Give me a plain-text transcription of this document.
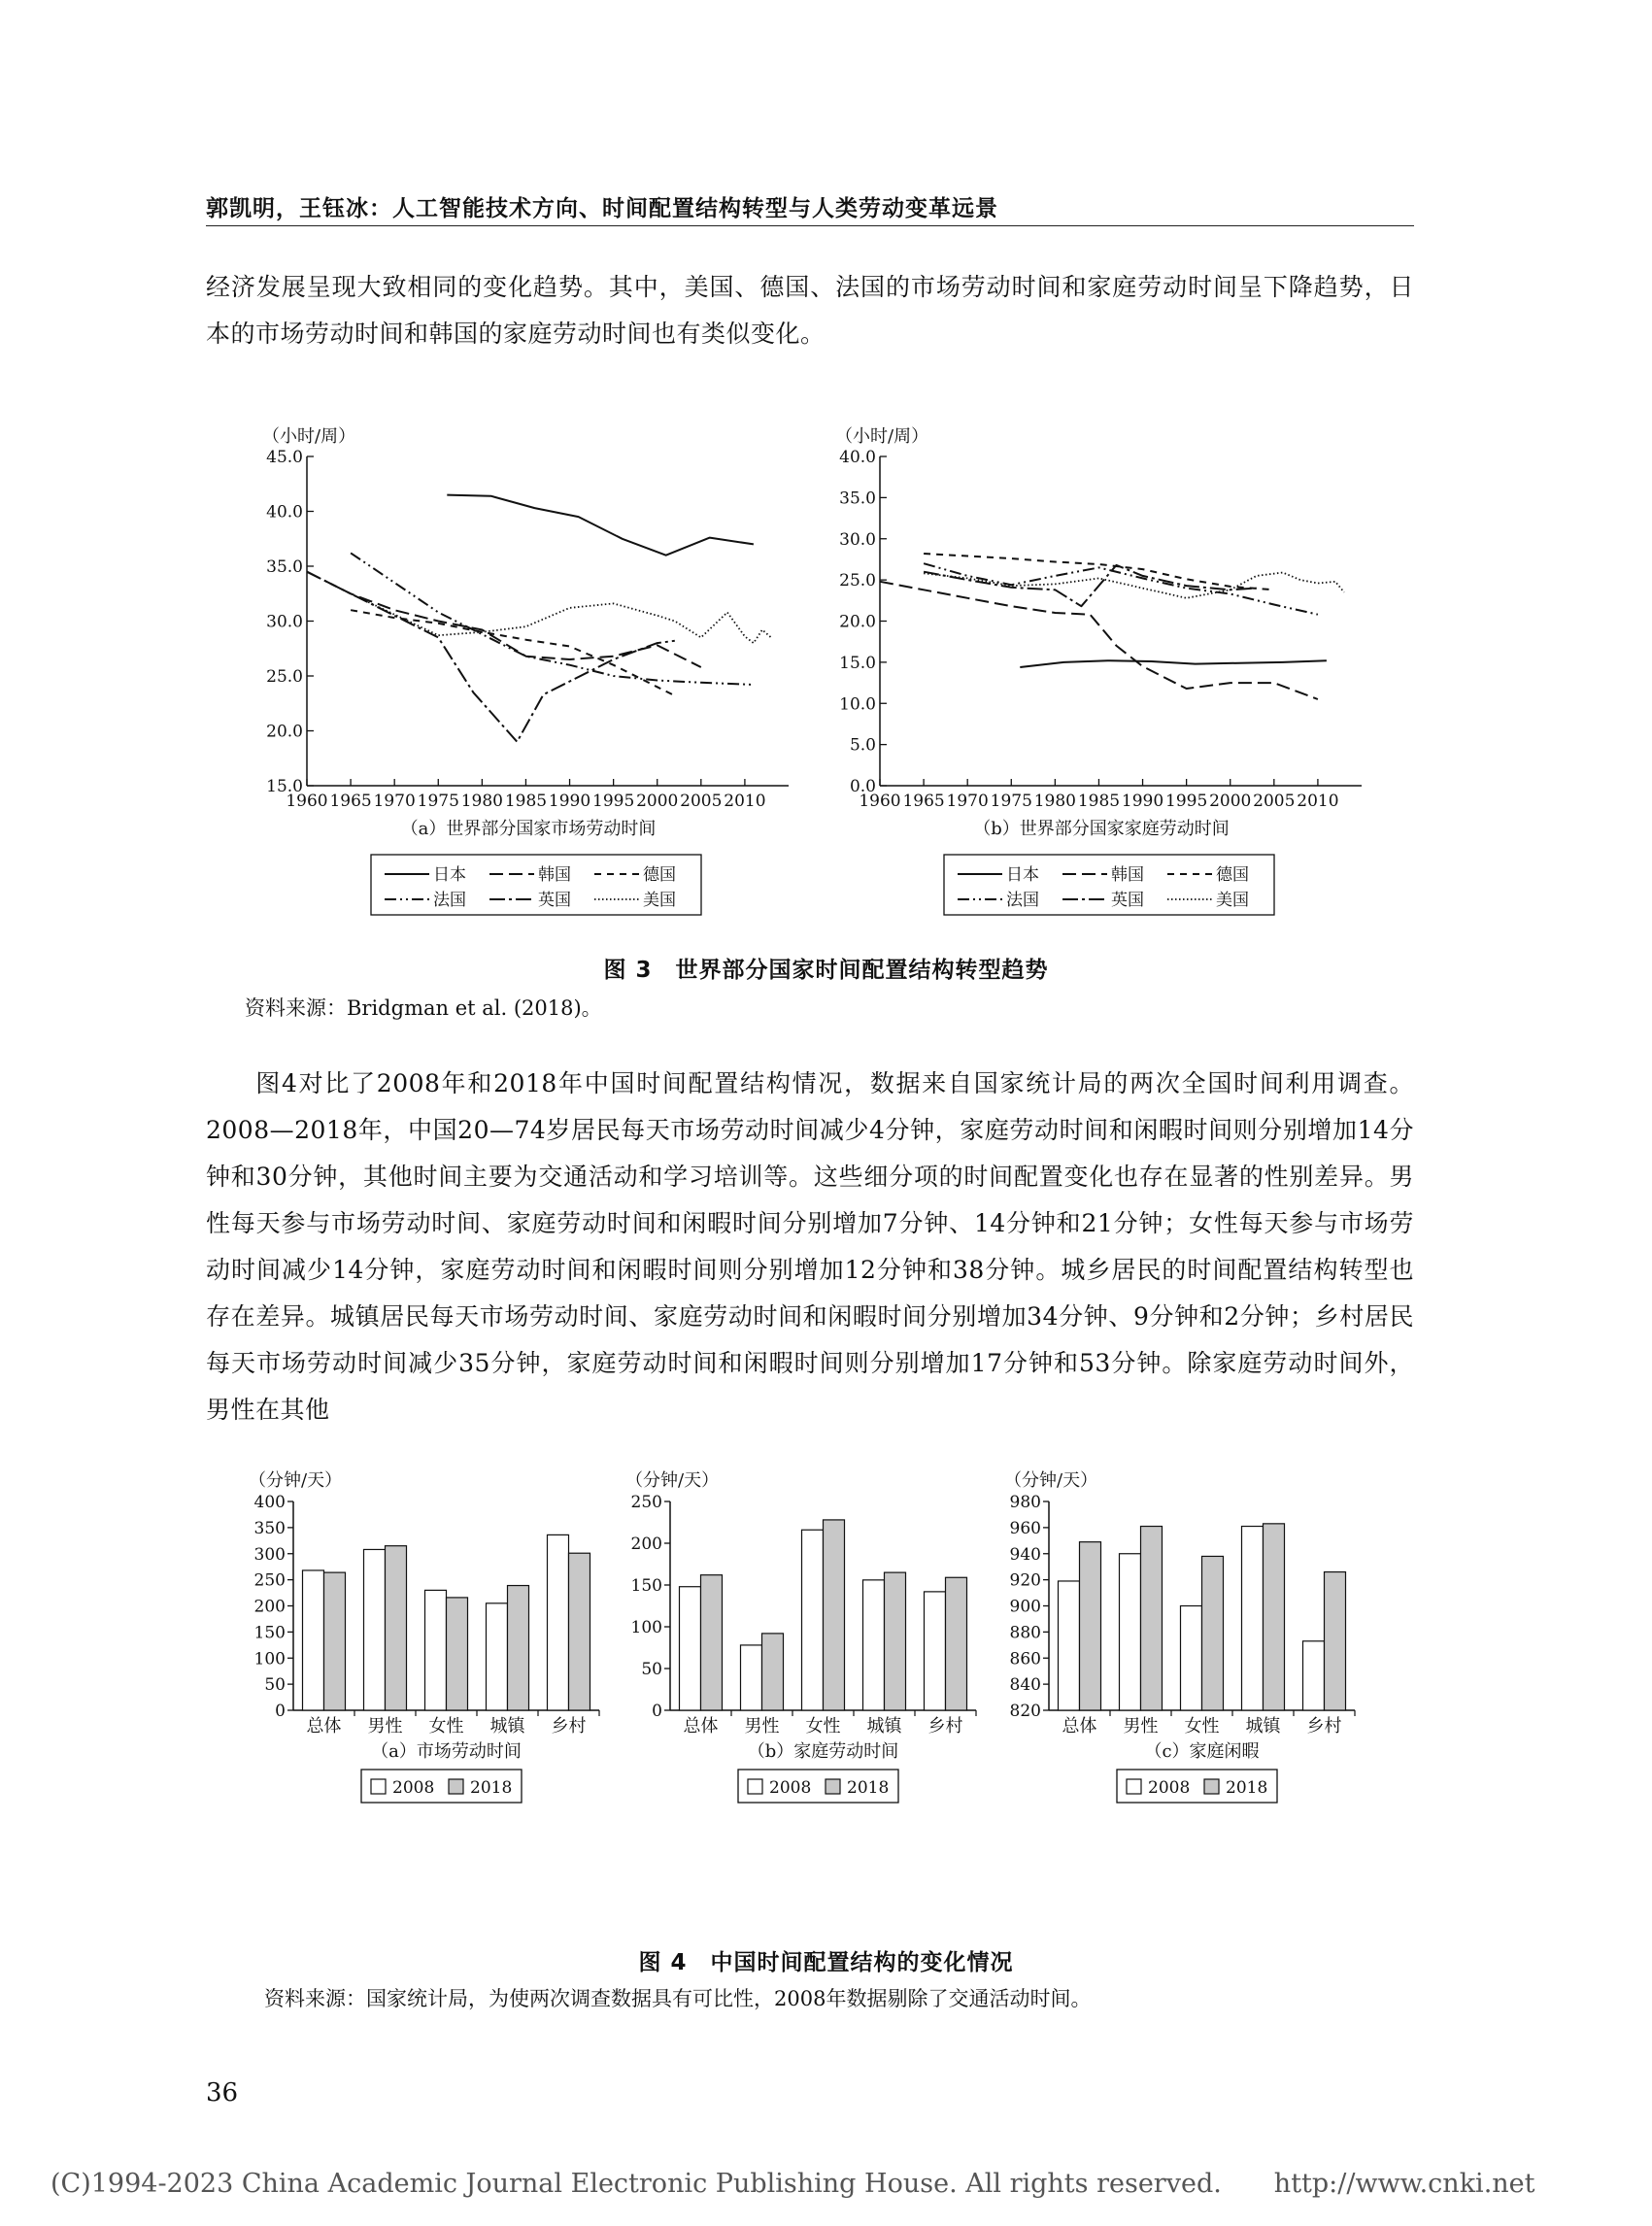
郭凯明，王钰冰：人工智能技术方向、时间配置结构转型与人类劳动变革远景

经济发展呈现大致相同的变化趋势。其中，美国、德国、法国的市场劳动时间和家庭劳动时间呈下降趋势，日本的市场劳动时间和韩国的家庭劳动时间也有类似变化。

（小时/周）
15.0
20.0
25.0
30.0
35.0
40.0
45.0
1960 1965 1970 1975 1980 1985 1990 1995 2000 2005 2010
（a）世界部分国家市场劳动时间
日本	韩国	德国
法国	英国	美国
（小时/周）
0.0
5.0
10.0
15.0
20.0
25.0
30.0
35.0
40.0
1960 1965 1970 1975 1980 1985 1990 1995 2000 2005 2010
（b）世界部分国家家庭劳动时间
日本	韩国	德国
法国	英国	美国
图 3　世界部分国家时间配置结构转型趋势
资料来源：Bridgman et al. (2018)。

图4对比了2008年和2018年中国时间配置结构情况，数据来自国家统计局的两次全国时间利用调查。2008—2018年，中国20—74岁居民每天市场劳动时间减少4分钟，家庭劳动时间和闲暇时间则分别增加14分钟和30分钟，其他时间主要为交通活动和学习培训等。这些细分项的时间配置变化也存在显著的性别差异。男性每天参与市场劳动时间、家庭劳动时间和闲暇时间分别增加7分钟、14分钟和21分钟；女性每天参与市场劳动时间减少14分钟，家庭劳动时间和闲暇时间则分别增加12分钟和38分钟。城乡居民的时间配置结构转型也存在差异。城镇居民每天市场劳动时间、家庭劳动时间和闲暇时间分别增加34分钟、9分钟和2分钟；乡村居民每天市场劳动时间减少35分钟，家庭劳动时间和闲暇时间则分别增加17分钟和53分钟。除家庭劳动时间外，男性在其他

（分钟/天）
0
50
100
150
200
250
300
350
400
总体 男性 女性 城镇 乡村
（a）市场劳动时间
2008 2018
（分钟/天）
0
50
100
150
200
250
总体 男性 女性 城镇 乡村
（b）家庭劳动时间
2008 2018
（分钟/天）
820
840
860
880
900
920
940
960
980
总体 男性 女性 城镇 乡村
（c）家庭闲暇
2008 2018
图 4　中国时间配置结构的变化情况
资料来源：国家统计局，为使两次调查数据具有可比性，2008年数据剔除了交通活动时间。
36
(C)1994-2023 China Academic Journal Electronic Publishing House. All rights reserved.　　http://www.cnki.net
